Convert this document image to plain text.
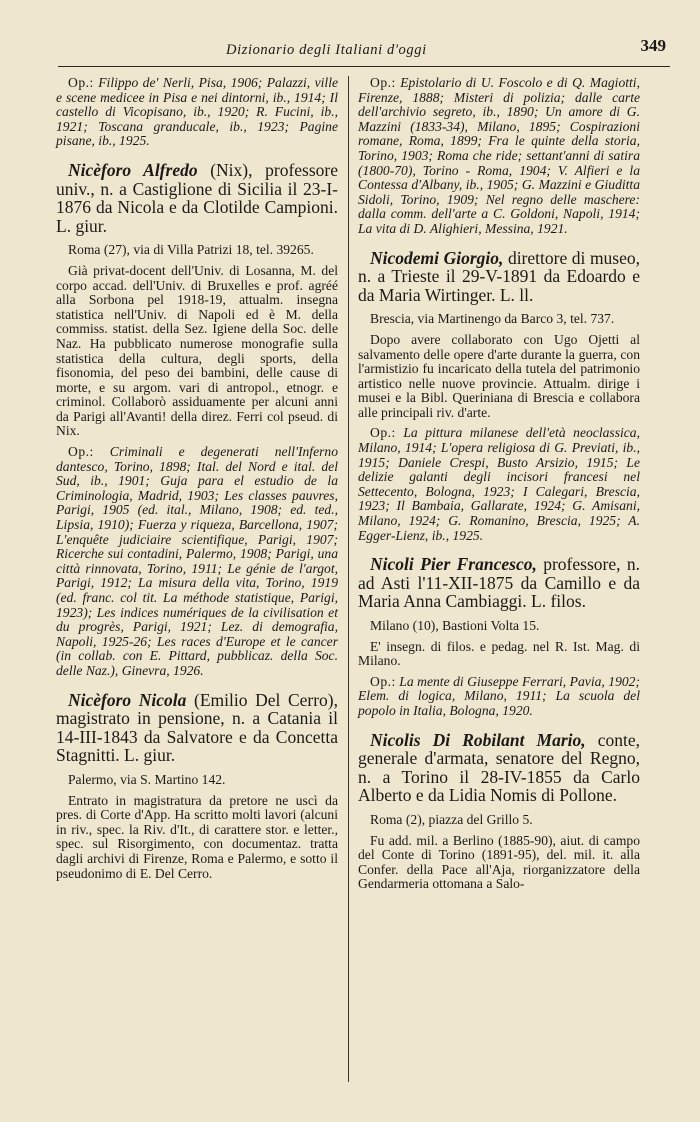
Dizionario degli Italiani d'oggi	349

Op.: Filippo de' Nerli, Pisa, 1906; Palazzi, ville e scene medicee in Pisa e nei dintorni, ib., 1914; Il castello di Vicopisano, ib., 1920; R. Fucini, ib., 1921; Toscana granducale, ib., 1923; Pagine pisane, ib., 1925.

Nicèforo Alfredo (Nix), professore univ., n. a Castiglione di Sicilia il 23-I-1876 da Nicola e da Clotilde Campioni. L. giur.
Roma (27), via di Villa Patrizi 18, tel. 39265.

Già privat-docent dell'Univ. di Losanna, M. del corpo accad. dell'Univ. di Bruxelles e prof. agréé alla Sorbona pel 1918-19, attualm. insegna statistica nell'Univ. di Napoli ed è M. della commiss. statist. della Sez. Igiene della Soc. delle Naz. Ha pubblicato numerose monografie sulla statistica della cultura, degli sports, della fisonomia, del peso dei bambini, delle cause di morte, e su argom. vari di antropol., etnogr. e criminol. Collaborò assiduamente per alcuni anni da Parigi all'Avanti! della direz. Ferri col pseud. di Nix.

Op.: Criminali e degenerati nell'Inferno dantesco, Torino, 1898; Ital. del Nord e ital. del Sud, ib., 1901; Guja para el estudio de la Criminologia, Madrid, 1903; Les classes pauvres, Parigi, 1905 (ed. ital., Milano, 1908; ed. ted., Lipsia, 1910); Fuerza y riqueza, Barcellona, 1907; L'enquête judiciaire scientifique, Parigi, 1907; Ricerche sui contadini, Palermo, 1908; Parigi, una città rinnovata, Torino, 1911; Le génie de l'argot, Parigi, 1912; La misura della vita, Torino, 1919 (ed. franc. col tit. La méthode statistique, Parigi, 1923); Les indices numériques de la civilisation et du progrès, Parigi, 1921; Lez. di demografia, Napoli, 1925-26; Les races d'Europe et le cancer (in collab. con E. Pittard, pubblicaz. della Soc. delle Naz.), Ginevra, 1926.

Nicèforo Nicola (Emilio Del Cerro), magistrato in pensione, n. a Catania il 14-III-1843 da Salvatore e da Concetta Stagnitti. L. giur.
Palermo, via S. Martino 142.

Entrato in magistratura da pretore ne uscì da pres. di Corte d'App. Ha scritto molti lavori (alcuni in riv., spec. la Riv. d'It., di carattere stor. e letter., spec. sul Risorgimento, con documentaz. tratta dagli archivi di Firenze, Roma e Palermo, e sotto il pseudonimo di E. Del Cerro.

Op.: Epistolario di U. Foscolo e di Q. Magiotti, Firenze, 1888; Misteri di polizia; dalle carte dell'archivio segreto, ib., 1890; Un amore di G. Mazzini (1833-34), Milano, 1895; Cospirazioni romane, Roma, 1899; Fra le quinte della storia, Torino, 1903; Roma che ride; settant'anni di satira (1800-70), Torino - Roma, 1904; V. Alfieri e la Contessa d'Albany, ib., 1905; G. Mazzini e Giuditta Sidoli, Torino, 1909; Nel regno delle maschere: dalla comm. dell'arte a C. Goldoni, Napoli, 1914; La vita di D. Alighieri, Messina, 1921.

Nicodemi Giorgio, direttore di museo, n. a Trieste il 29-V-1891 da Edoardo e da Maria Wirtinger. L. ll.
Brescia, via Martinengo da Barco 3, tel. 737.

Dopo avere collaborato con Ugo Ojetti al salvamento delle opere d'arte durante la guerra, con l'armistizio fu incaricato della tutela del patrimonio artistico nelle nuove provincie. Attualm. dirige i musei e la Bibl. Queriniana di Brescia e collabora alle principali riv. d'arte.

Op.: La pittura milanese dell'età neoclassica, Milano, 1914; L'opera religiosa di G. Previati, ib., 1915; Daniele Crespi, Busto Arsizio, 1915; Le delizie galanti degli incisori francesi nel Settecento, Bologna, 1923; I Calegari, Brescia, 1923; Il Bambaia, Gallarate, 1924; G. Amisani, Milano, 1924; G. Romanino, Brescia, 1925; A. Egger-Lienz, ib., 1925.

Nicoli Pier Francesco, professore, n. ad Asti l'11-XII-1875 da Camillo e da Maria Anna Cambiaggi. L. filos.
Milano (10), Bastioni Volta 15.

E' insegn. di filos. e pedag. nel R. Ist. Mag. di Milano.

Op.: La mente di Giuseppe Ferrari, Pavia, 1902; Elem. di logica, Milano, 1911; La scuola del popolo in Italia, Bologna, 1920.

Nicolis Di Robilant Mario, conte, generale d'armata, senatore del Regno, n. a Torino il 28-IV-1855 da Carlo Alberto e da Lidia Nomis di Pollone.
Roma (2), piazza del Grillo 5.

Fu add. mil. a Berlino (1885-90), aiut. di campo del Conte di Torino (1891-95), del. mil. it. alla Confer. della Pace all'Aja, riorganizzatore della Gendarmeria ottomana a Salo-
